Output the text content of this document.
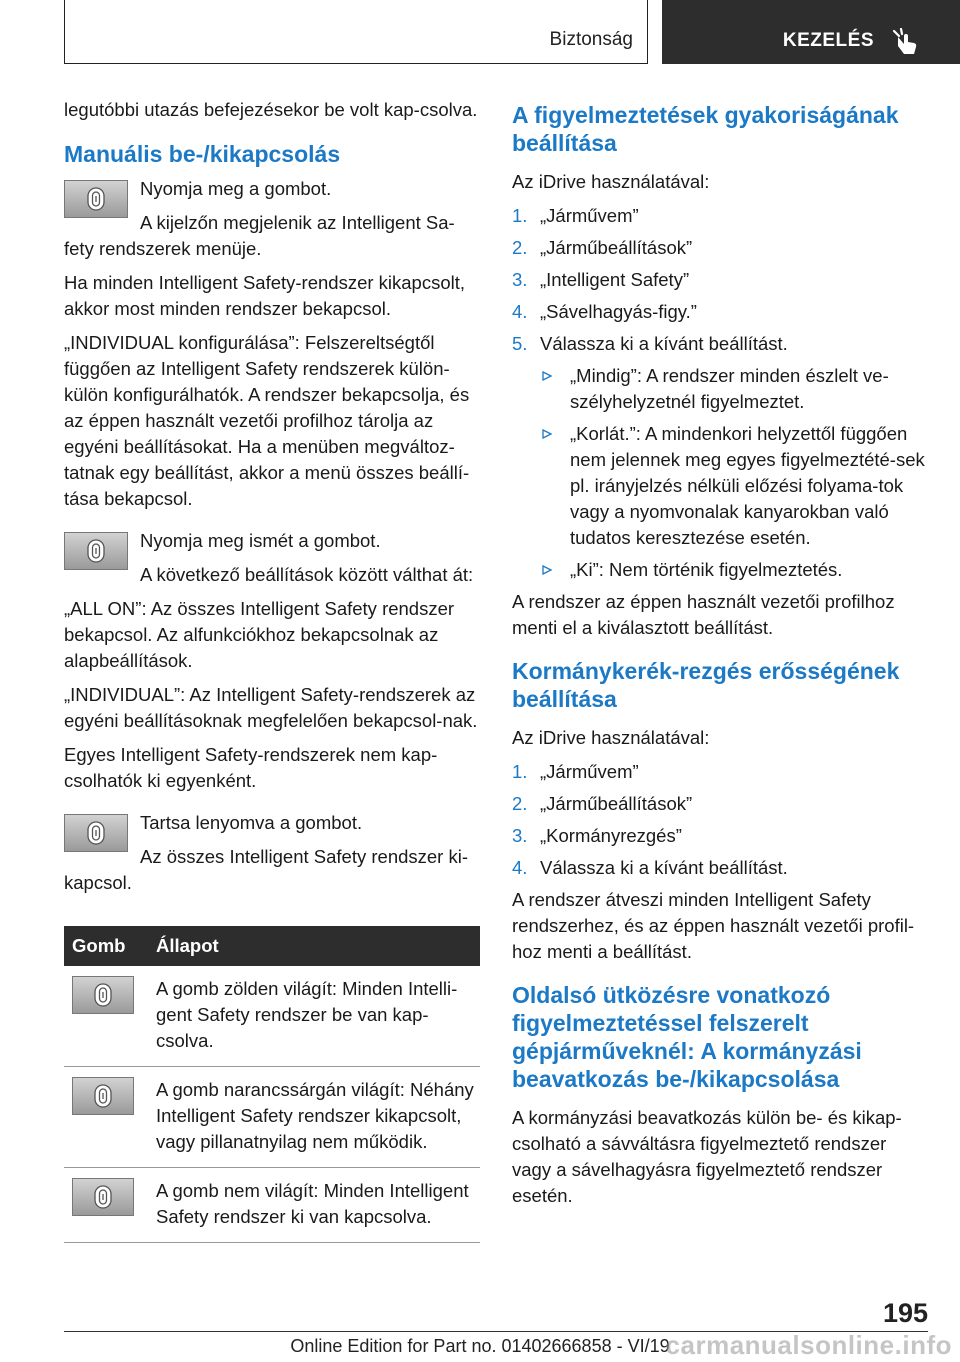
Biztonság	KEZELÉS

legutóbbi utazás befejezésekor be volt kap-csolva.

Manuális be-/kikapcsolás

Nyomja meg a gombot.

A kijelzőn megjelenik az Intelligent Sa-fety rendszerek menüje.

Ha minden Intelligent Safety-rendszer kikapcsolt, akkor most minden rendszer bekapcsol.

„INDIVIDUAL konfigurálása”: Felszereltségtől függően az Intelligent Safety rendszerek külön-külön konfigurálhatók. A rendszer bekapcsolja, és az éppen használt vezetői profilhoz tárolja az egyéni beállításokat. Ha a menüben megváltoz-tatnak egy beállítást, akkor a menü összes beállí-tása bekapcsol.

Nyomja meg ismét a gombot.

A következő beállítások között válthat át:

„ALL ON”: Az összes Intelligent Safety rendszer bekapcsol. Az alfunkciókhoz bekapcsolnak az alapbeállítások.

„INDIVIDUAL”: Az Intelligent Safety-rendszerek az egyéni beállításoknak megfelelően bekapcsol-nak.

Egyes Intelligent Safety-rendszerek nem kap-csolhatók ki egyenként.

Tartsa lenyomva a gombot.

Az összes Intelligent Safety rendszer ki-kapcsol.

Gomb	Állapot

	A gomb zölden világít: Minden Intelli-gent Safety rendszer be van kap-csolva.

	A gomb narancssárgán világít: Néhány Intelligent Safety rendszer kikapcsolt, vagy pillanatnyilag nem működik.

	A gomb nem világít: Minden Intelligent Safety rendszer ki van kapcsolva.
A figyelmeztetések gyakoriságának beállítása

Az iDrive használatával:

1. „Járművem”
2. „Járműbeállítások”
3. „Intelligent Safety”
4. „Sávelhagyás-figy.”
5. Válassza ki a kívánt beállítást.
„Mindig”: A rendszer minden észlelt ve-szélyhelyzetnél figyelmeztet.
„Korlát.”: A mindenkori helyzettől függően nem jelennek meg egyes figyelmeztété-sek pl. irányjelzés nélküli előzési folyama-tok vagy a nyomvonalak kanyarokban való tudatos keresztezése esetén.
„Ki”: Nem történik figyelmeztetés.

A rendszer az éppen használt vezetői profilhoz menti el a kiválasztott beállítást.

Kormánykerék-rezgés erősségének beállítása

Az iDrive használatával:

1. „Járművem”
2. „Járműbeállítások”
3. „Kormányrezgés”
4. Válassza ki a kívánt beállítást.

A rendszer átveszi minden Intelligent Safety rendszerhez, és az éppen használt vezetői profil-hoz menti a beállítást.

Oldalsó ütközésre vonatkozó figyelmeztetéssel felszerelt gépjárműveknél: A kormányzási beavatkozás be-/kikapcsolása

A kormányzási beavatkozás külön be- és kikap-csolható a sávváltásra figyelmeztető rendszer vagy a sávelhagyásra figyelmeztető rendszer esetén.

195
Online Edition for Part no. 01402666858 - VI/19
carmanualsonline.info
